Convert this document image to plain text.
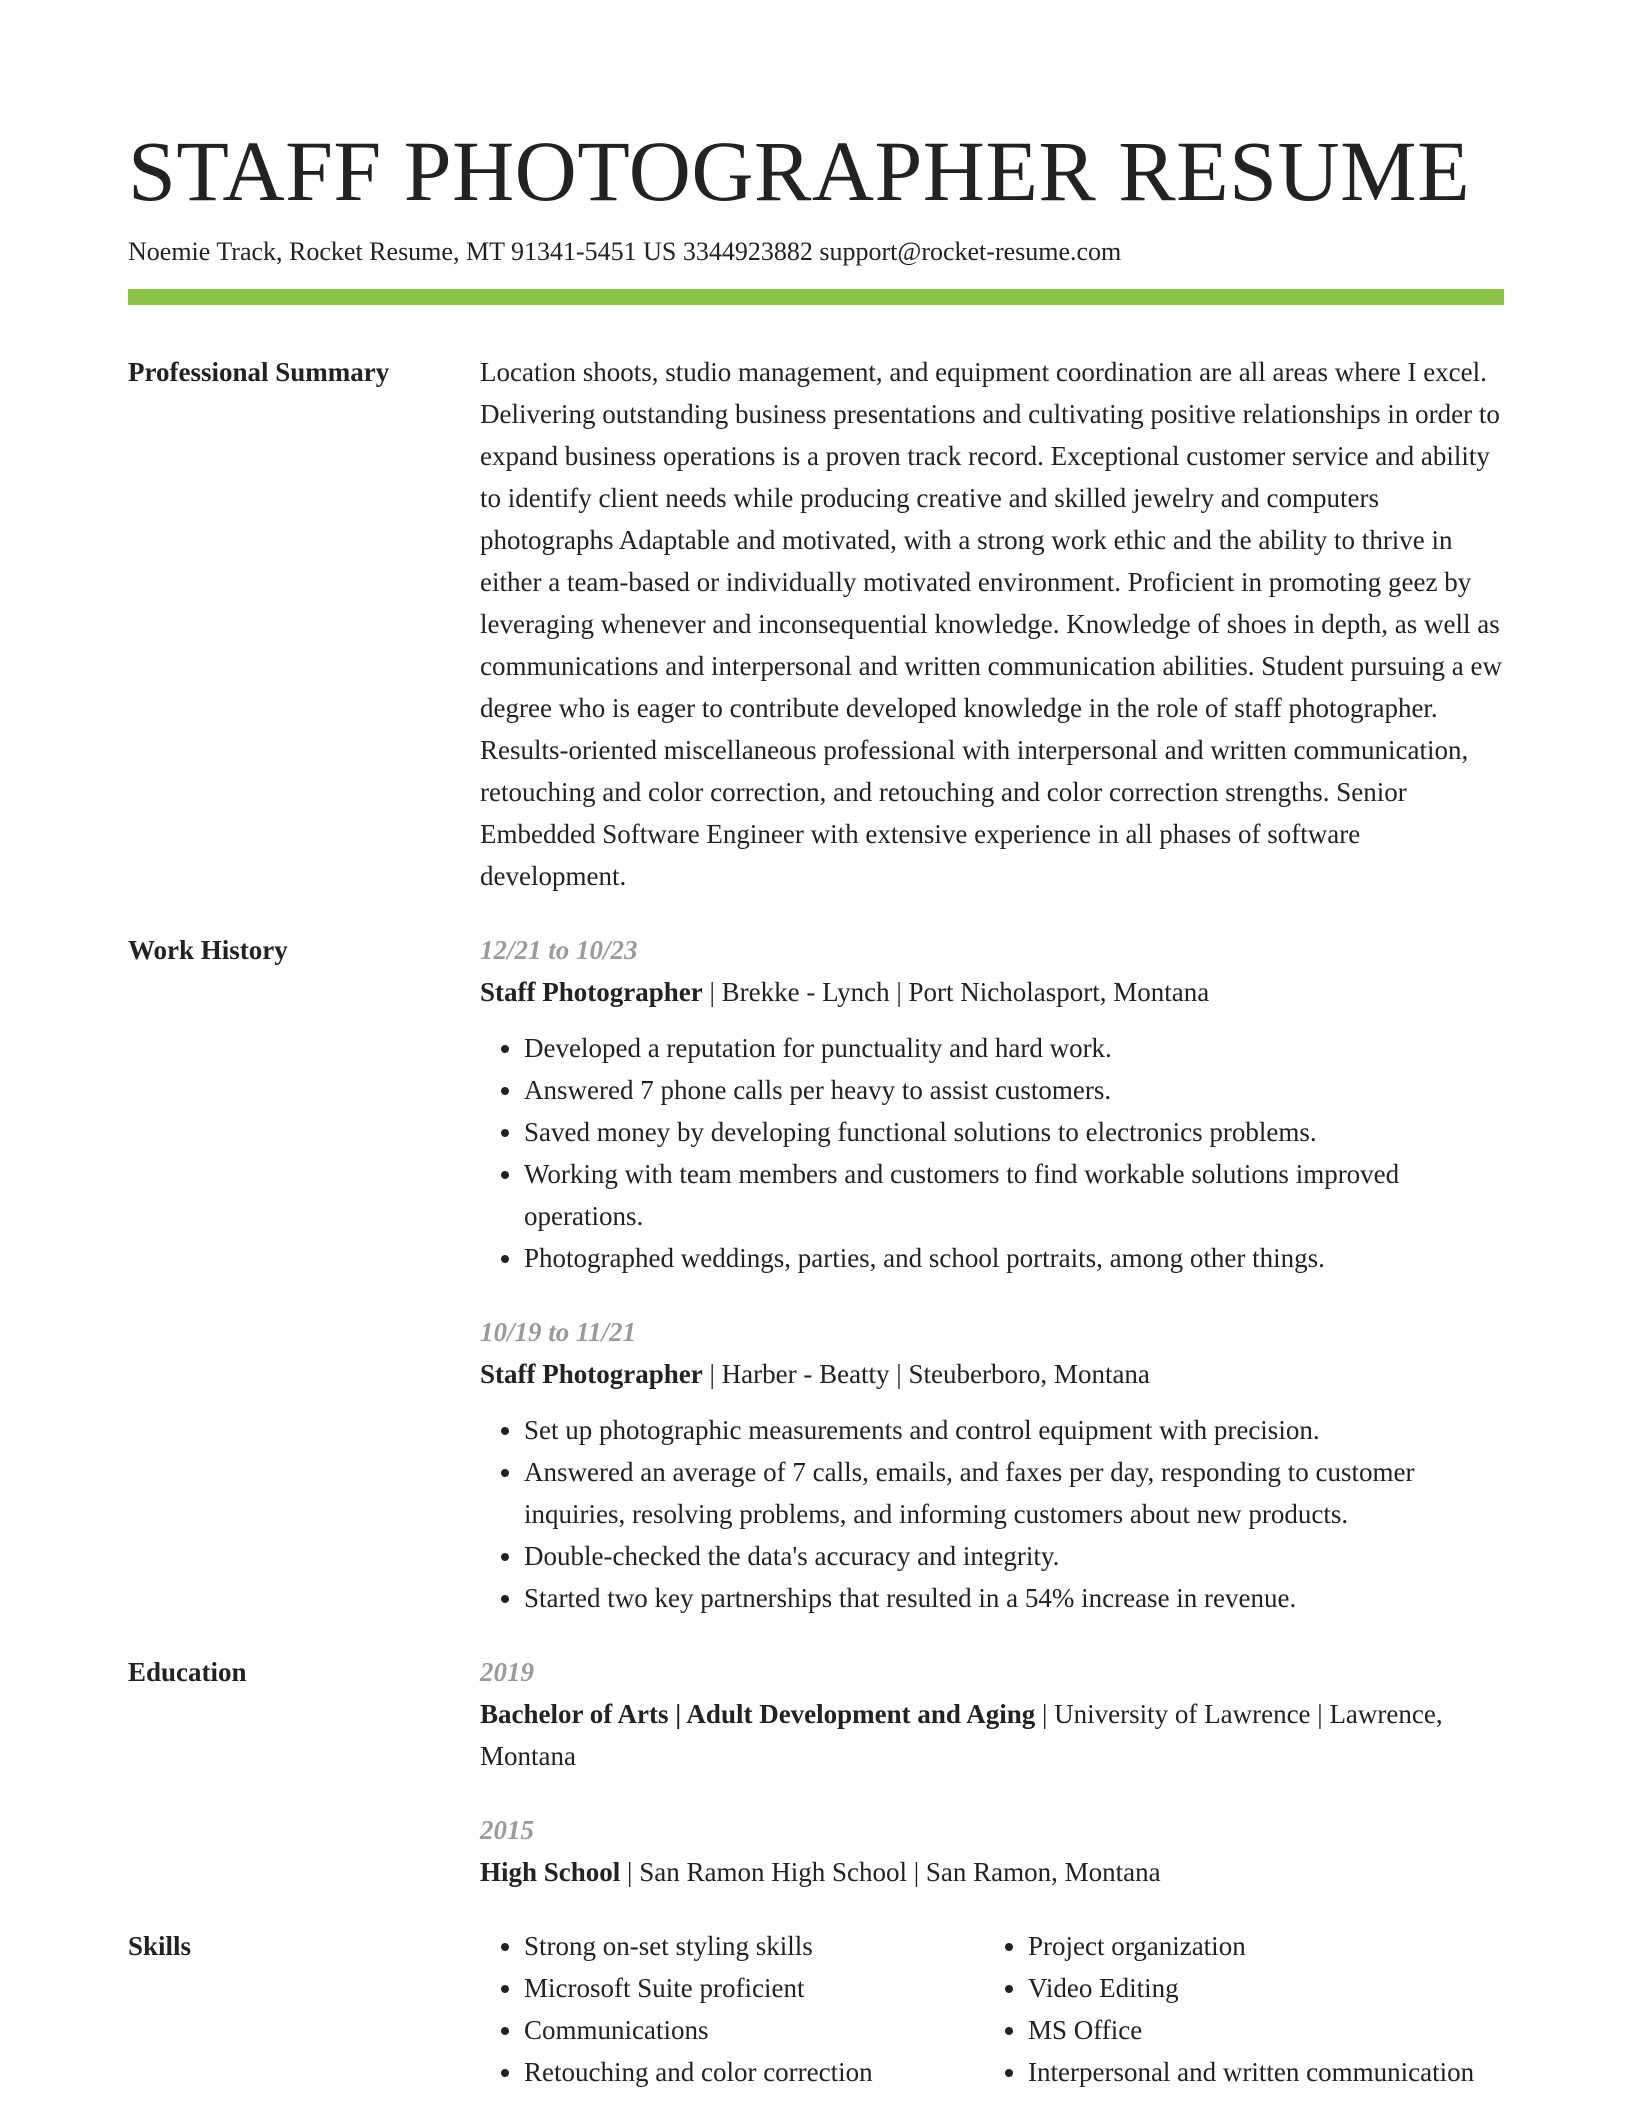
STAFF PHOTOGRAPHER RESUME
Noemie Track, Rocket Resume, MT 91341-5451 US 3344923882 support@rocket-resume.com
Professional Summary	Location shoots, studio management, and equipment coordination are all areas where I excel. Delivering outstanding business presentations and cultivating positive relationships in order to expand business operations is a proven track record. Exceptional customer service and ability to identify client needs while producing creative and skilled jewelry and computers photographs Adaptable and motivated, with a strong work ethic and the ability to thrive in either a team-based or individually motivated environment. Proficient in promoting geez by leveraging whenever and inconsequential knowledge. Knowledge of shoes in depth, as well as communications and interpersonal and written communication abilities. Student pursuing a ew degree who is eager to contribute developed knowledge in the role of staff photographer. Results-oriented miscellaneous professional with interpersonal and written communication, retouching and color correction, and retouching and color correction strengths. Senior Embedded Software Engineer with extensive experience in all phases of software development.

Work History	12/21 to 10/23
Staff Photographer | Brekke - Lynch | Port Nicholasport, Montana
• Developed a reputation for punctuality and hard work.
• Answered 7 phone calls per heavy to assist customers.
• Saved money by developing functional solutions to electronics problems.
• Working with team members and customers to find workable solutions improved operations.
• Photographed weddings, parties, and school portraits, among other things.
10/19 to 11/21
Staff Photographer | Harber - Beatty | Steuberboro, Montana
• Set up photographic measurements and control equipment with precision.
• Answered an average of 7 calls, emails, and faxes per day, responding to customer inquiries, resolving problems, and informing customers about new products.
• Double-checked the data's accuracy and integrity.
• Started two key partnerships that resulted in a 54% increase in revenue.
Education	2019
Bachelor of Arts | Adult Development and Aging | University of Lawrence | Lawrence, Montana
2015
High School | San Ramon High School | San Ramon, Montana
Skills
•	Strong on-set styling skills
• Microsoft Suite proficient
• Communications
• Retouching and color correction
• Project organization
• Video Editing
• MS Office
• Interpersonal and written communication
